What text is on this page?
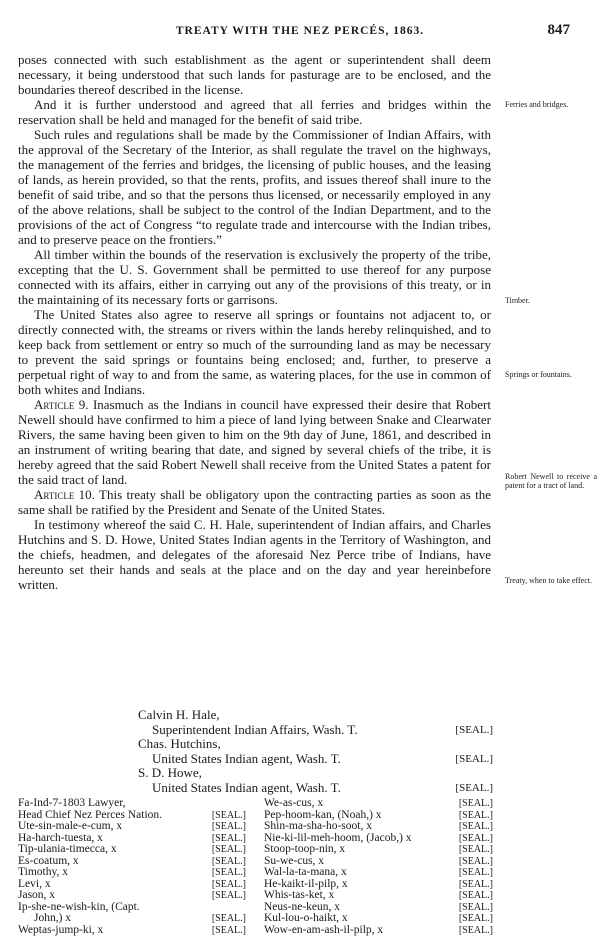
TREATY WITH THE NEZ PERCÉS, 1863.	847

poses connected with such establishment as the agent or superintendent shall deem necessary, it being understood that such lands for pasturage are to be enclosed, and the boundaries thereof described in the license.

And it is further understood and agreed that all ferries and bridges within the reservation shall be held and managed for the benefit of said tribe.

Such rules and regulations shall be made by the Commissioner of Indian Affairs, with the approval of the Secretary of the Interior, as shall regulate the travel on the highways, the management of the ferries and bridges, the licensing of public houses, and the leasing of lands, as herein provided, so that the rents, profits, and issues thereof shall inure to the benefit of said tribe, and so that the persons thus licensed, or necessarily employed in any of the above relations, shall be subject to the control of the Indian Department, and to the provisions of the act of Congress “to regulate trade and intercourse with the Indian tribes, and to preserve peace on the frontiers.”

All timber within the bounds of the reservation is exclusively the property of the tribe, excepting that the U. S. Government shall be permitted to use thereof for any purpose connected with its affairs, either in carrying out any of the provisions of this treaty, or in the maintaining of its necessary forts or garrisons.

The United States also agree to reserve all springs or fountains not adjacent to, or directly connected with, the streams or rivers within the lands hereby relinquished, and to keep back from settlement or entry so much of the surrounding land as may be necessary to prevent the said springs or fountains being enclosed; and, further, to preserve a perpetual right of way to and from the same, as watering places, for the use in common of both whites and Indians.

Article 9. Inasmuch as the Indians in council have expressed their desire that Robert Newell should have confirmed to him a piece of land lying between Snake and Clearwater Rivers, the same having been given to him on the 9th day of June, 1861, and described in an instrument of writing bearing that date, and signed by several chiefs of the tribe, it is hereby agreed that the said Robert Newell shall receive from the United States a patent for the said tract of land.

Article 10. This treaty shall be obligatory upon the contracting parties as soon as the same shall be ratified by the President and Senate of the United States.

In testimony whereof the said C. H. Hale, superintendent of Indian affairs, and Charles Hutchins and S. D. Howe, United States Indian agents in the Territory of Washington, and the chiefs, headmen, and delegates of the aforesaid Nez Perce tribe of Indians, have hereunto set their hands and seals at the place and on the day and year hereinbefore written.

Ferries and bridges.
Timber.
Springs or fountains.
Robert Newell to receive a patent for a tract of land.
Treaty, when to take effect.
Calvin H. Hale,
Superintendent Indian Affairs, Wash. T.	[SEAL.]
Chas. Hutchins,
United States Indian agent, Wash. T.	[SEAL.]
S. D. Howe,
United States Indian agent, Wash. T.	[SEAL.]
Fa-Ind-7-1803 Lawyer,
Head Chief Nez Perces Nation.	[SEAL.]
Ute-sin-male-e-cum, x	[SEAL.]
Ha-harch-tuesta, x	[SEAL.]
Tip-ulania-timecca, x	[SEAL.]
Es-coatum, x	[SEAL.]
Timothy, x	[SEAL.]
Levi, x	[SEAL.]
Jason, x	[SEAL.]
Ip-she-ne-wish-kin, (Capt.
John,) x	[SEAL.]
Weptas-jump-ki, x	[SEAL.]
We-as-cus, x	[SEAL.]
Pep-hoom-kan, (Noah,) x	[SEAL.]
Shin-ma-sha-ho-soot, x	[SEAL.]
Nie-ki-lil-meh-hoom, (Jacob,) x	[SEAL.]
Stoop-toop-nin, x	[SEAL.]
Su-we-cus, x	[SEAL.]
Wal-la-ta-mana, x	[SEAL.]
He-kaikt-il-pilp, x	[SEAL.]
Whis-tas-ket, x	[SEAL.]
Neus-ne-keun, x	[SEAL.]
Kul-lou-o-haikt, x	[SEAL.]
Wow-en-am-ash-il-pilp, x	[SEAL.]
